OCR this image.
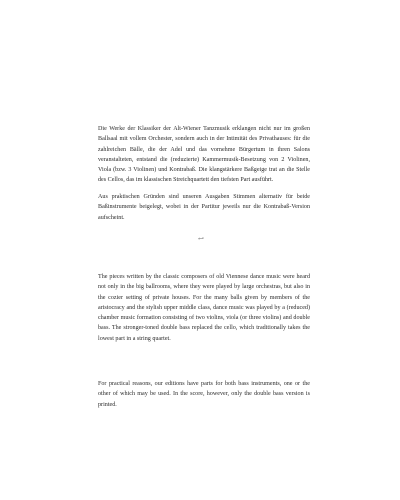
Die Werke der Klassiker der Alt-Wiener Tanzmusik erklangen nicht nur im großen Ballsaal mit vollem Orchester, sondern auch in der Intimität des Privathauses: für die zahlreichen Bälle, die der Adel und das vornehme Bürgertum in ihren Salons veranstalteten, entstand die (reduzierte) Kammermusik-Besetzung von 2 Violinen, Viola (bzw. 3 Violinen) und Kontrabaß. Die klangstärkere Baßgeige trat an die Stelle des Cellos, das im klassischen Streichquartett den tiefsten Part ausführt.

Aus praktischen Gründen sind unseren Ausgaben Stimmen alternativ für beide Baßinstrumente beigelegt, wobei in der Partitur jeweils nur die Kontrabaß-Version aufscheint.

↩

The pieces written by the classic composers of old Viennese dance music were heard not only in the big ballrooms, where they were played by large orchestras, but also in the cozier setting of private houses. For the many balls given by members of the aristocracy and the stylish upper middle class, dance music was played by a (reduced) chamber music formation consisting of two violins, viola (or three violins) and double bass. The stronger-toned double bass replaced the cello, which traditionally takes the lowest part in a string quartet.

For practical reasons, our editions have parts for both bass instruments, one or the other of which may be used. In the score, however, only the double bass version is printed.
